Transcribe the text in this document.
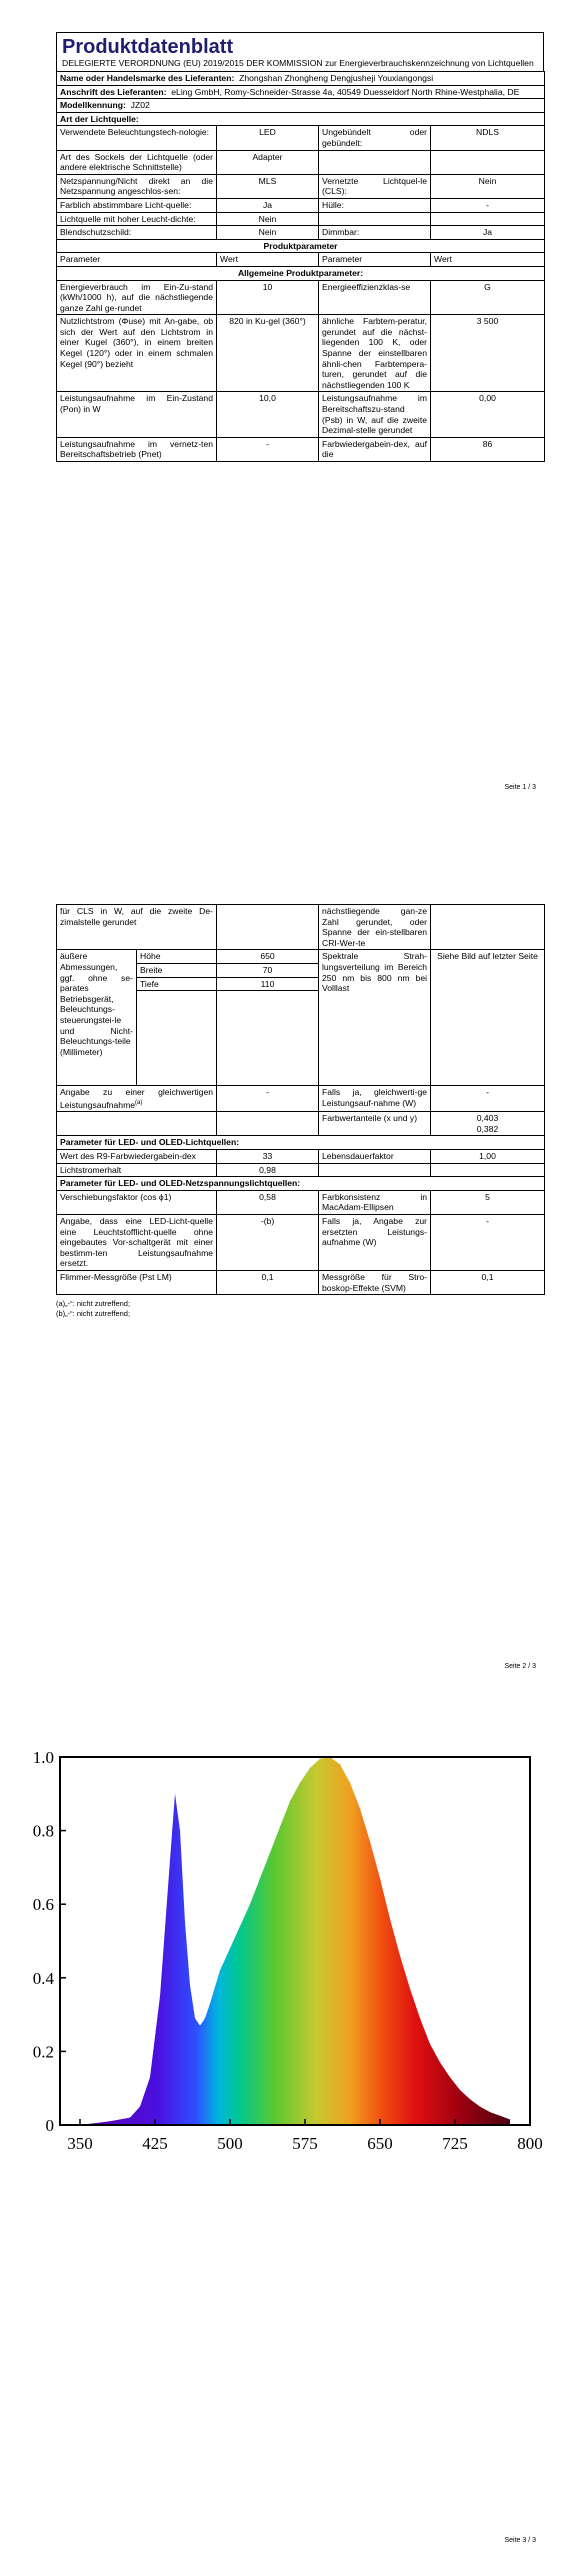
Produktdatenblatt
DELEGIERTE VERORDNUNG (EU) 2019/2015 DER KOMMISSION zur Energieverbrauchskennzeichnung von Lichtquellen
Name oder Handelsmarke des Lieferanten: Zhongshan Zhongheng Dengjusheji Youxiangongsi			
Anschrift des Lieferanten: eLing GmbH, Romy-Schneider-Strasse 4a, 40549 Duesseldorf North Rhine-Westphalia, DE			
Modellkennung: JZ02			
Art der Lichtquelle:			
Verwendete Beleuchtungstech-nologie:	LED	Ungebündelt oder gebündelt:	NDLS
Art des Sockels der Lichtquelle (oder andere elektrische Schnittstelle)	Adapter		
Netzspannung/Nicht direkt an die Netzspannung angeschlos-sen:	MLS	Vernetzte Lichtquel-le (CLS):	Nein
Farblich abstimmbare Licht-quelle:	Ja	Hülle:	-
Lichtquelle mit hoher Leucht-dichte:	Nein		
Blendschutzschild:	Nein	Dimmbar:	Ja
Produktparameter			
Parameter	Wert	Parameter	Wert
Allgemeine Produktparameter:			
Energieverbrauch im Ein-Zu-stand (kWh/1000 h), auf die nächstliegende ganze Zahl ge-rundet	10	Energieeffizienzklas-se	G
Nutzlichtstrom (Φuse) mit An-gabe, ob sich der Wert auf den Lichtstrom in einer Kugel (360°), in einem breiten Kegel (120°) oder in einem schmalen Kegel (90°) bezieht	820 in Ku-gel (360°)	ähnliche Farbtem-peratur, gerundet auf die nächst-liegenden 100 K, oder Spanne der einstellbaren ähnli-chen Farbtempera-turen, gerundet auf die nächstliegenden 100 K	3 500
Leistungsaufnahme im Ein-Zustand (Pon) in W	10,0	Leistungsaufnahme im Bereitschaftszu-stand (Psb) in W, auf die zweite Dezimal-stelle gerundet	0,00
Leistungsaufnahme im vernetz-ten Bereitschaftsbetrieb (Pnet)	-	Farbwiedergabein-dex, auf die	86
Seite 1 / 3
für CLS in W, auf die zweite De-zimalstelle gerundet			nächstliegende gan-ze Zahl gerundet, oder Spanne der ein-stellbaren CRI-Wer-te	
äußere Abmessungen, ggf. ohne se-parates Betriebsgerät, Beleuchtungs-steuerungstei-le und Nicht-Beleuchtungs-teile (Millimeter)	Höhe	650	Spektrale Strah-lungsverteilung im Bereich 250 nm bis 800 nm bei Volllast	Siehe Bild auf letzter Seite
	Breite	70		
	Tiefe	110		

Angabe zu einer gleichwertigen Leistungsaufnahme$^{(a)}$		-	Falls ja, gleichwerti-ge Leistungsauf-nahme (W)	-
			Farbwertanteile (x und y)	0,403
0,382
Parameter für LED- und OLED-Lichtquellen:				
Wert des R9-Farbwiedergabein-dex		33	Lebensdauerfaktor	1,00
Lichtstromerhalt		0,98		
Parameter für LED- und OLED-Netzspannungslichtquellen:				
Verschiebungsfaktor (cos ϕ1)		0,58	Farbkonsistenz in MacAdam-Ellipsen	5
Angabe, dass eine LED-Licht-quelle eine Leuchtstofflicht-quelle ohne eingebautes Vor-schaltgerät mit einer bestimm-ten Leistungsaufnahme ersetzt.		-(b)	Falls ja, Angabe zur ersetzten Leistungs-aufnahme (W)	-
Flimmer-Messgröße (Pst LM)		0,1	Messgröße für Stro-boskop-Effekte (SVM)	0,1
(a)„-“: nicht zutreffend;
(b)„-“: nicht zutreffend;
Seite 2 / 3
350	425	500	575	650	725	800
0
0.2
0.4
0.6
0.8
1.0
Seite 3 / 3
